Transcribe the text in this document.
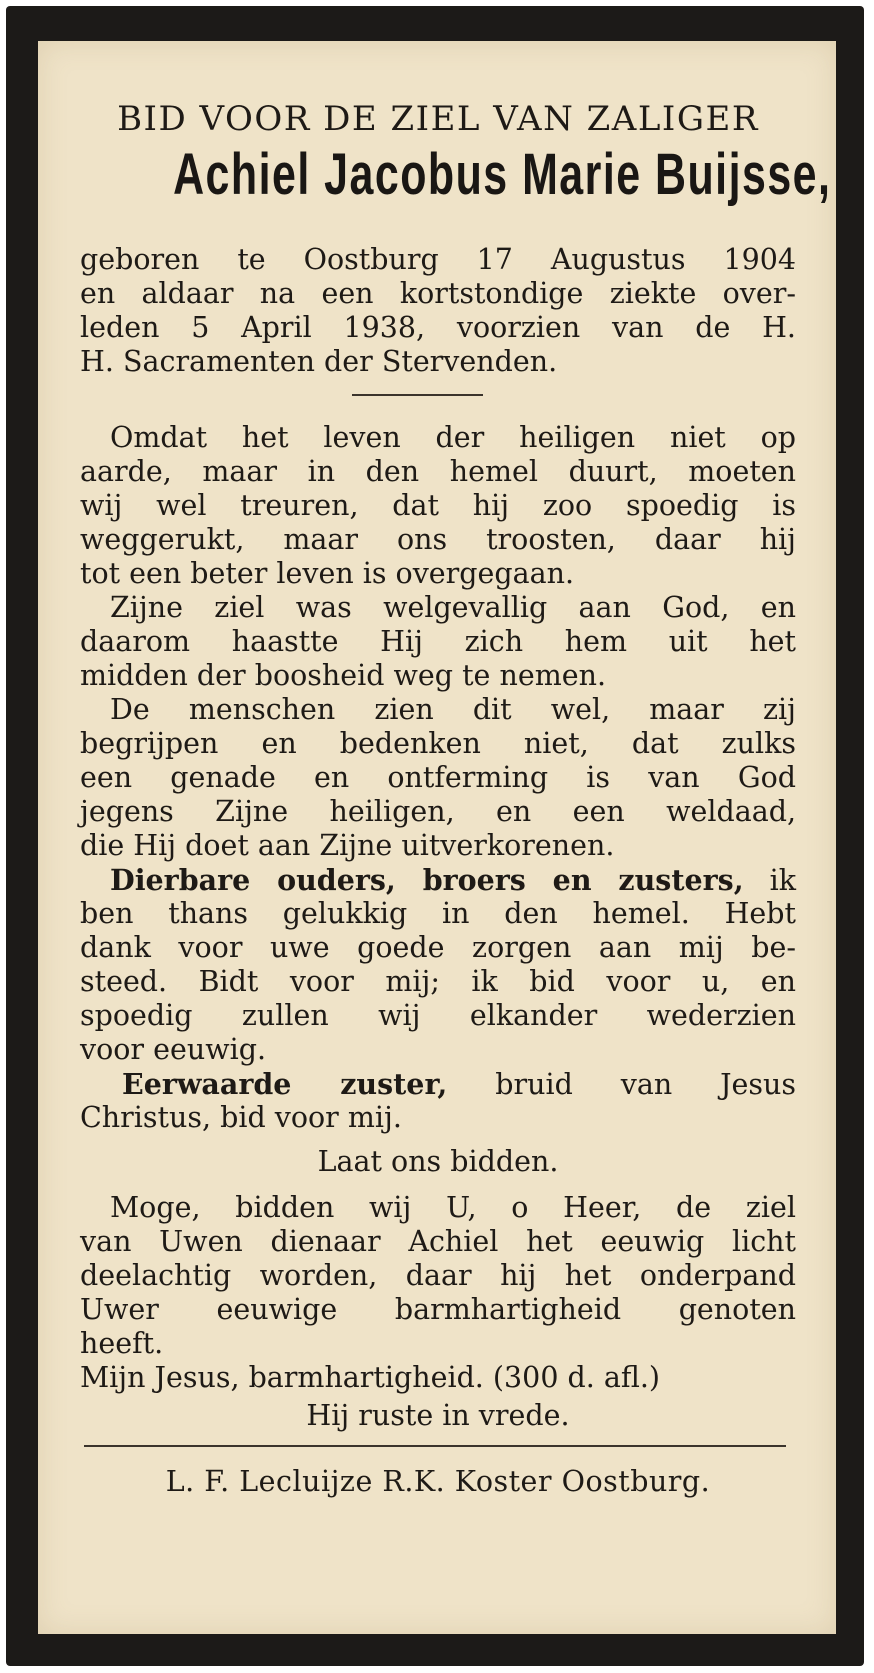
BID VOOR DE ZIEL VAN ZALIGER
Achiel Jacobus Marie Buijsse,
geboren te Oostburg 17 Augustus 1904
en aldaar na een kortstondige ziekte over-
leden 5 April 1938, voorzien van de H.
H. Sacramenten der Stervenden.
Omdat het leven der heiligen niet op
aarde, maar in den hemel duurt, moeten
wij wel treuren, dat hij zoo spoedig is
weggerukt, maar ons troosten, daar hij
tot een beter leven is overgegaan.
Zijne ziel was welgevallig aan God, en
daarom haastte Hij zich hem uit het
midden der boosheid weg te nemen.
De menschen zien dit wel, maar zij
begrijpen en bedenken niet, dat zulks
een genade en ontferming is van God
jegens Zijne heiligen, en een weldaad,
die Hij doet aan Zijne uitverkorenen.
Dierbare ouders, broers en zusters, ik
ben thans gelukkig in den hemel. Hebt
dank voor uwe goede zorgen aan mij be-
steed. Bidt voor mij; ik bid voor u, en
spoedig zullen wij elkander wederzien
voor eeuwig.
Eerwaarde zuster, bruid van Jesus
Christus, bid voor mij.
Laat ons bidden.
Moge, bidden wij U, o Heer, de ziel
van Uwen dienaar Achiel het eeuwig licht
deelachtig worden, daar hij het onderpand
Uwer eeuwige barmhartigheid genoten
heeft.
Mijn Jesus, barmhartigheid. (300 d. afl.)
Hij ruste in vrede.
L. F. Lecluijze R.K. Koster Oostburg.
